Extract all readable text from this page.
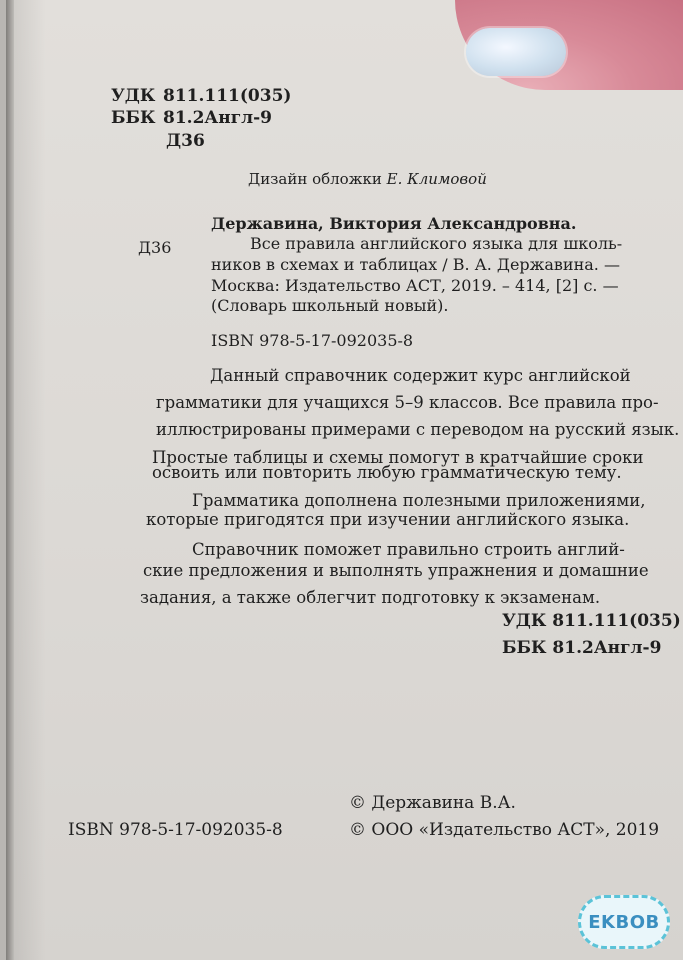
УДК 811.111(035)
ББК 81.2Англ-9
Д36
Дизайн обложки Е. Климовой
Державина, Виктория Александровна.
Д36	Все правила английского языка для школь-
ников в схемах и таблицах / В. А. Державина. —
Москва: Издательство АСТ, 2019. – 414, [2] с. —
(Словарь школьный новый).
ISBN 978-5-17-092035-8
Данный справочник содержит курс английской
грамматики для учащихся 5–9 классов. Все правила про-
иллюстрированы примерами с переводом на русский язык.
Простые таблицы и схемы помогут в кратчайшие сроки
освоить или повторить любую грамматическую тему.
Грамматика дополнена полезными приложениями,
которые пригодятся при изучении английского языка.
Справочник поможет правильно строить англий-
ские предложения и выполнять упражнения и домашние
задания, а также облегчит подготовку к экзаменам.
УДК 811.111(035)
ББК 81.2Англ-9
© Державина В.А.
ISBN 978-5-17-092035-8	© ООО «Издательство АСТ», 2019
EKBOB
